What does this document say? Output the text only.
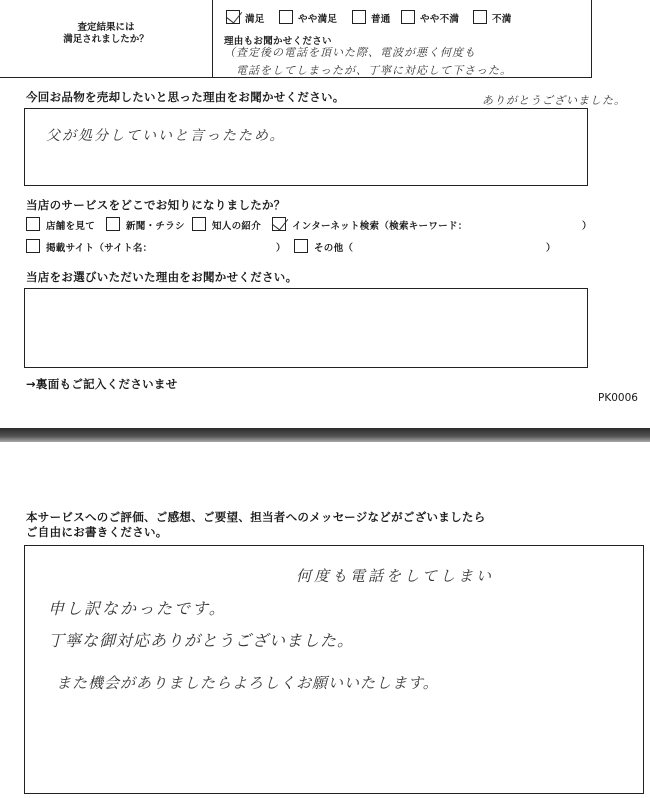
査定結果には
満足されましたか？
満足	やや満足	普通	やや不満	不満
理由もお聞かせください
（査定後の電話を頂いた際、電波が悪く何度も
電話をしてしまったが、丁寧に対応して下さった。
ありがとうございました。
今回お品物を売却したいと思った理由をお聞かせください。
父が処分していいと言ったため。
当店のサービスをどこでお知りになりましたか？
店舗を見て	新聞・チラシ	知人の紹介	インターネット検索（検索キーワード：	）
掲載サイト（サイト名：	）	その他（	）
当店をお選びいただいた理由をお聞かせください。
→裏面もご記入くださいませ
PK0006
本サービスへのご評価、ご感想、ご要望、担当者へのメッセージなどがございましたら
ご自由にお書きください。
何度も電話をしてしまい
申し訳なかったです。
丁寧な御対応ありがとうございました。
また機会がありましたらよろしくお願いいたします。
